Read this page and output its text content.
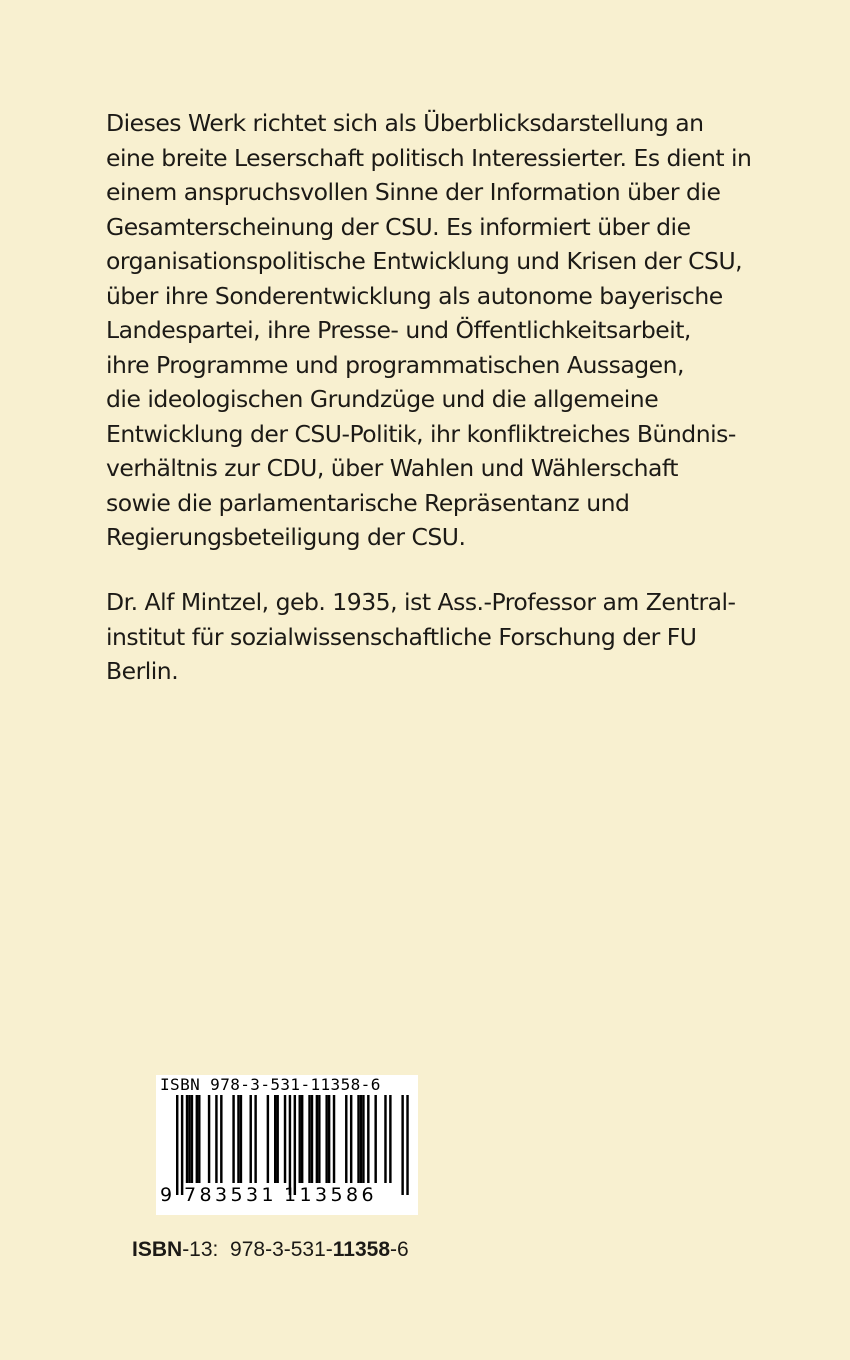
Dieses Werk richtet sich als Überblicksdarstellung an
eine breite Leserschaft politisch Interessierter. Es dient in
einem anspruchsvollen Sinne der Information über die
Gesamterscheinung der CSU. Es informiert über die
organisationspolitische Entwicklung und Krisen der CSU,
über ihre Sonderentwicklung als autonome bayerische
Landespartei, ihre Presse- und Öffentlichkeitsarbeit,
ihre Programme und programmatischen Aussagen,
die ideologischen Grundzüge und die allgemeine
Entwicklung der CSU-Politik, ihr konfliktreiches Bündnis-
verhältnis zur CDU, über Wahlen und Wählerschaft
sowie die parlamentarische Repräsentanz und
Regierungsbeteiligung der CSU.
Dr. Alf Mintzel, geb. 1935, ist Ass.-Professor am Zentral-
institut für sozialwissenschaftliche Forschung der FU
Berlin.
ISBN 978-3-531-11358-6
9 783531 113586
ISBN-13:  978-3-531-11358-6
